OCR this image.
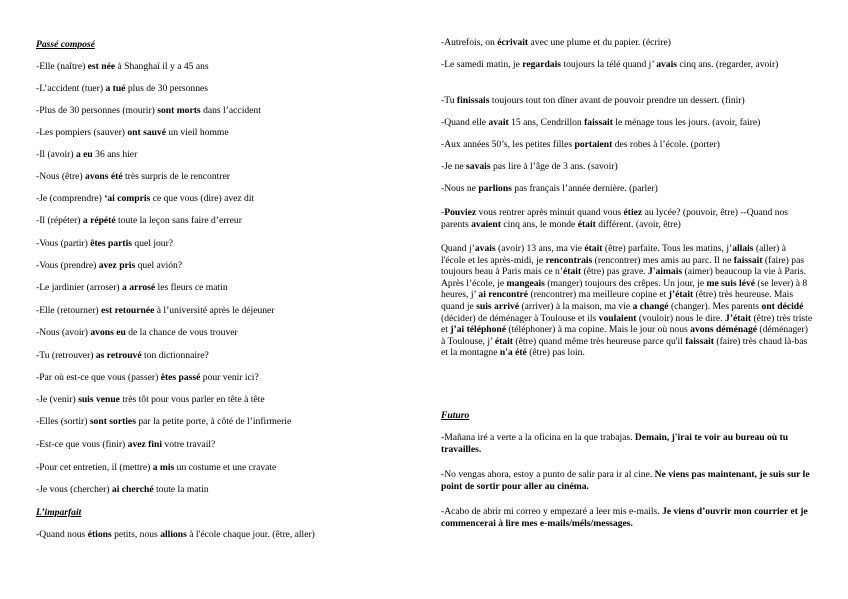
Passé composé
-Elle (naître) est née à Shanghaï il y a 45 ans
-L’accident (tuer) a tué plus de 30 personnes
-Plus de 30 personnes (mourir) sont morts dans l’accident
-Les pompiers (sauver) ont sauvé un vieil homme
-Il (avoir) a eu 36 ans hier
-Nous (être) avons été très surpris de le rencontrer
-Je (comprendre) ‘ai compris ce que vous (dire) avez dit
-Il (répéter) a répété toute la leçon sans faire d’erreur
-Vous (partir) êtes partis quel jour?
-Vous (prendre) avez pris quel avión?
-Le jardinier (arroser) a arrosé les fleurs ce matin
-Elle (retourner) est retournée à l’université après le déjeuner
-Nous (avoir) avons eu de la chance de vous trouver
-Tu (retrouver) as retrouvé ton dictionnaire?
-Par où est-ce que vous (passer) êtes passé pour venir ici?
-Je (venir) suis venue très tôt pour vous parler en tête à tête
-Elles (sortir) sont sorties par la petite porte, à côté de l’infirmerie
-Est-ce que vous (finir) avez fini votre travail?
-Pour cet entretien, il (mettre) a mis un costume et une cravate
-Je vous (chercher) ai cherché toute la matin
L’imparfait
-Quand nous étions petits, nous allions à l'école chaque jour. (être, aller)
-Autrefois, on écrivait avec une plume et du papier. (écrire)
-Le samedi matin, je regardais toujours la télé quand j’ avais cinq ans. (regarder, avoir)
-Tu finissais toujours tout ton dîner avant de pouvoir prendre un dessert. (finir)
-Quand elle avait 15 ans, Cendrillon faissait le ménage tous les jours. (avoir, faire)
-Aux années 50’s, les petites filles portaient des robes à l’école. (porter)
-Je ne savais pas lire à l’âge de 3 ans. (savoir)
-Nous ne parlions pas français l’année dernière. (parler)
-Pouviez vous rentrer après minuit quand vous étiez au lycée? (pouvoir, être) --Quand nos parents avaient cinq ans, le monde était différent. (avoir, être)
Quand j’avais (avoir) 13 ans, ma vie était (être) parfaite. Tous les matins, j’allais (aller) à l'école et les après-midi, je rencontrais (rencontrer) mes amis au parc. Il ne faissait (faire) pas toujours beau à Paris mais ce n’était (être) pas grave. J'aimais (aimer) beaucoup la vie à Paris. Après l’école, je mangeais (manger) toujours des crêpes. Un jour, je me suis lévé (se lever) à 8 heures, j’ ai rencontré (rencontrer) ma meilleure copine et j’était (être) très heureuse. Mais quand je suis arrivé (arriver) à la maison, ma vie a changé (changer). Mes parents ont décidé (décider) de déménager à Toulouse et ils voulaient (vouloir) nous le dire. J’était (être) très triste et j’ai téléphoné (téléphoner) à ma copine. Mais le jour où nous avons déménagé (déménager) à Toulouse, j’ était (être) quand même très heureuse parce qu'il faissait (faire) très chaud là-bas et la montagne n'a été (être) pas loin.
Futuro
-Mañana iré a verte a la oficina en la que trabajas. Demain, j'irai te voir au bureau où tu travailles.
-No vengas ahora, estoy a punto de salir para ir al cine. Ne viens pas maintenant, je suis sur le point de sortir pour aller au cinéma.
-Acabo de abrir mi correo y empezaré a leer mis e-mails. Je viens d’ouvrir mon courrier et je commencerai à lire mes e-mails/méls/messages.
